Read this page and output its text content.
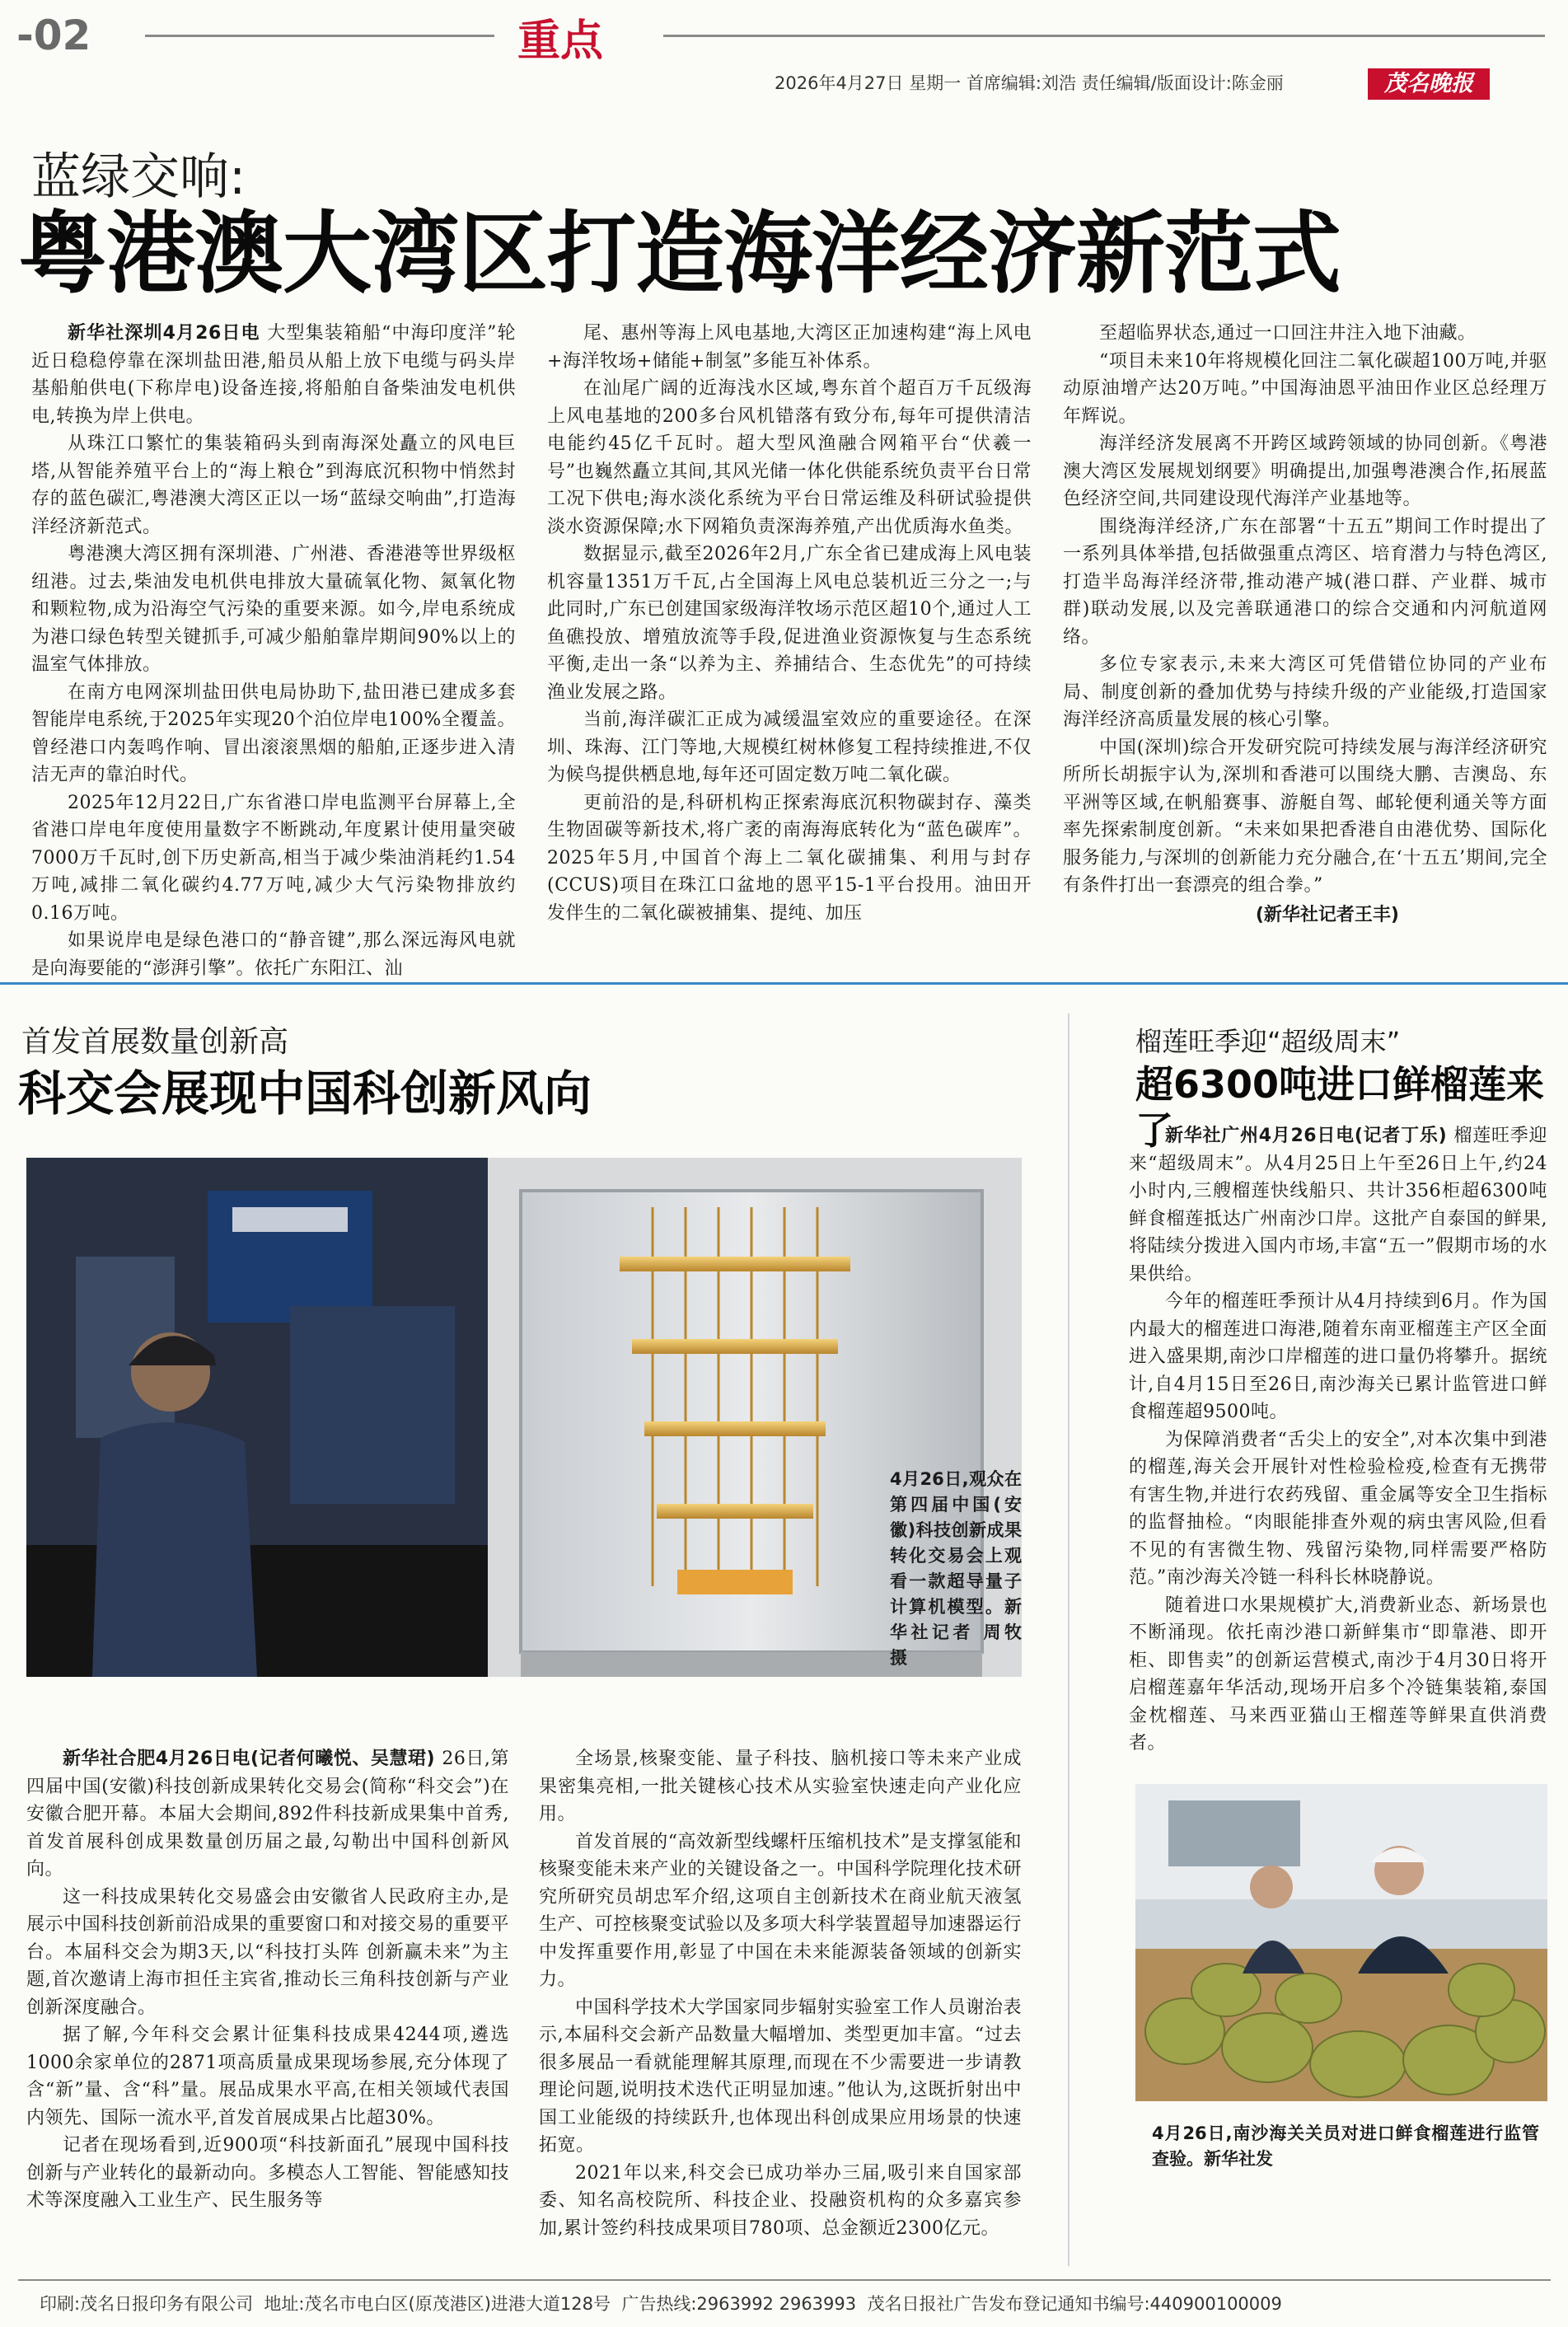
-02	重点
2026年4月27日 星期一 首席编辑:刘浩 责任编辑/版面设计:陈金丽	茂名晚报
蓝绿交响:
粤港澳大湾区打造海洋经济新范式

新华社深圳4月26日电 大型集装箱船“中海印度洋”轮近日稳稳停靠在深圳盐田港,船员从船上放下电缆与码头岸基船舶供电(下称岸电)设备连接,将船舶自备柴油发电机供电,转换为岸上供电。

从珠江口繁忙的集装箱码头到南海深处矗立的风电巨塔,从智能养殖平台上的“海上粮仓”到海底沉积物中悄然封存的蓝色碳汇,粤港澳大湾区正以一场“蓝绿交响曲”,打造海洋经济新范式。

粤港澳大湾区拥有深圳港、广州港、香港港等世界级枢纽港。过去,柴油发电机供电排放大量硫氧化物、氮氧化物和颗粒物,成为沿海空气污染的重要来源。如今,岸电系统成为港口绿色转型关键抓手,可减少船舶靠岸期间90%以上的温室气体排放。

在南方电网深圳盐田供电局协助下,盐田港已建成多套智能岸电系统,于2025年实现20个泊位岸电100%全覆盖。曾经港口内轰鸣作响、冒出滚滚黑烟的船舶,正逐步进入清洁无声的靠泊时代。

2025年12月22日,广东省港口岸电监测平台屏幕上,全省港口岸电年度使用量数字不断跳动,年度累计使用量突破7000万千瓦时,创下历史新高,相当于减少柴油消耗约1.54万吨,减排二氧化碳约4.77万吨,减少大气污染物排放约0.16万吨。

如果说岸电是绿色港口的“静音键”,那么深远海风电就是向海要能的“澎湃引擎”。依托广东阳江、汕

尾、惠州等海上风电基地,大湾区正加速构建“海上风电+海洋牧场+储能+制氢”多能互补体系。

在汕尾广阔的近海浅水区域,粤东首个超百万千瓦级海上风电基地的200多台风机错落有致分布,每年可提供清洁电能约45亿千瓦时。超大型风渔融合网箱平台“伏羲一号”也巍然矗立其间,其风光储一体化供能系统负责平台日常工况下供电;海水淡化系统为平台日常运维及科研试验提供淡水资源保障;水下网箱负责深海养殖,产出优质海水鱼类。

数据显示,截至2026年2月,广东全省已建成海上风电装机容量1351万千瓦,占全国海上风电总装机近三分之一;与此同时,广东已创建国家级海洋牧场示范区超10个,通过人工鱼礁投放、增殖放流等手段,促进渔业资源恢复与生态系统平衡,走出一条“以养为主、养捕结合、生态优先”的可持续渔业发展之路。

当前,海洋碳汇正成为减缓温室效应的重要途径。在深圳、珠海、江门等地,大规模红树林修复工程持续推进,不仅为候鸟提供栖息地,每年还可固定数万吨二氧化碳。

更前沿的是,科研机构正探索海底沉积物碳封存、藻类生物固碳等新技术,将广袤的南海海底转化为“蓝色碳库”。2025年5月,中国首个海上二氧化碳捕集、利用与封存(CCUS)项目在珠江口盆地的恩平15-1平台投用。油田开发伴生的二氧化碳被捕集、提纯、加压

至超临界状态,通过一口回注井注入地下油藏。

“项目未来10年将规模化回注二氧化碳超100万吨,并驱动原油增产达20万吨。”中国海油恩平油田作业区总经理万年辉说。

海洋经济发展离不开跨区域跨领域的协同创新。《粤港澳大湾区发展规划纲要》明确提出,加强粤港澳合作,拓展蓝色经济空间,共同建设现代海洋产业基地等。

围绕海洋经济,广东在部署“十五五”期间工作时提出了一系列具体举措,包括做强重点湾区、培育潜力与特色湾区,打造半岛海洋经济带,推动港产城(港口群、产业群、城市群)联动发展,以及完善联通港口的综合交通和内河航道网络。

多位专家表示,未来大湾区可凭借错位协同的产业布局、制度创新的叠加优势与持续升级的产业能级,打造国家海洋经济高质量发展的核心引擎。

中国(深圳)综合开发研究院可持续发展与海洋经济研究所所长胡振宇认为,深圳和香港可以围绕大鹏、吉澳岛、东平洲等区域,在帆船赛事、游艇自驾、邮轮便利通关等方面率先探索制度创新。“未来如果把香港自由港优势、国际化服务能力,与深圳的创新能力充分融合,在‘十五五’期间,完全有条件打出一套漂亮的组合拳。”

(新华社记者王丰)
首发首展数量创新高
科交会展现中国科创新风向
4月26日,观众在第四届中国(安徽)科技创新成果转化交易会上观看一款超导量子计算机模型。新华社记者 周牧 摄

新华社合肥4月26日电(记者何曦悦、吴慧珺) 26日,第四届中国(安徽)科技创新成果转化交易会(简称“科交会”)在安徽合肥开幕。本届大会期间,892件科技新成果集中首秀,首发首展科创成果数量创历届之最,勾勒出中国科创新风向。

这一科技成果转化交易盛会由安徽省人民政府主办,是展示中国科技创新前沿成果的重要窗口和对接交易的重要平台。本届科交会为期3天,以“科技打头阵 创新赢未来”为主题,首次邀请上海市担任主宾省,推动长三角科技创新与产业创新深度融合。

据了解,今年科交会累计征集科技成果4244项,遴选1000余家单位的2871项高质量成果现场参展,充分体现了含“新”量、含“科”量。展品成果水平高,在相关领域代表国内领先、国际一流水平,首发首展成果占比超30%。

记者在现场看到,近900项“科技新面孔”展现中国科技创新与产业转化的最新动向。多模态人工智能、智能感知技术等深度融入工业生产、民生服务等

全场景,核聚变能、量子科技、脑机接口等未来产业成果密集亮相,一批关键核心技术从实验室快速走向产业化应用。

首发首展的“高效新型线螺杆压缩机技术”是支撑氢能和核聚变能未来产业的关键设备之一。中国科学院理化技术研究所研究员胡忠军介绍,这项自主创新技术在商业航天液氢生产、可控核聚变试验以及多项大科学装置超导加速器运行中发挥重要作用,彰显了中国在未来能源装备领域的创新实力。

中国科学技术大学国家同步辐射实验室工作人员谢治表示,本届科交会新产品数量大幅增加、类型更加丰富。“过去很多展品一看就能理解其原理,而现在不少需要进一步请教理论问题,说明技术迭代正明显加速。”他认为,这既折射出中国工业能级的持续跃升,也体现出科创成果应用场景的快速拓宽。

2021年以来,科交会已成功举办三届,吸引来自国家部委、知名高校院所、科技企业、投融资机构的众多嘉宾参加,累计签约科技成果项目780项、总金额近2300亿元。

榴莲旺季迎“超级周末”
超6300吨进口鲜榴莲来了

新华社广州4月26日电(记者丁乐) 榴莲旺季迎来“超级周末”。从4月25日上午至26日上午,约24小时内,三艘榴莲快线船只、共计356柜超6300吨鲜食榴莲抵达广州南沙口岸。这批产自泰国的鲜果,将陆续分拨进入国内市场,丰富“五一”假期市场的水果供给。

今年的榴莲旺季预计从4月持续到6月。作为国内最大的榴莲进口海港,随着东南亚榴莲主产区全面进入盛果期,南沙口岸榴莲的进口量仍将攀升。据统计,自4月15日至26日,南沙海关已累计监管进口鲜食榴莲超9500吨。

为保障消费者“舌尖上的安全”,对本次集中到港的榴莲,海关会开展针对性检验检疫,检查有无携带有害生物,并进行农药残留、重金属等安全卫生指标的监督抽检。“肉眼能排查外观的病虫害风险,但看不见的有害微生物、残留污染物,同样需要严格防范。”南沙海关冷链一科科长林晓静说。

随着进口水果规模扩大,消费新业态、新场景也不断涌现。依托南沙港口新鲜集市“即靠港、即开柜、即售卖”的创新运营模式,南沙于4月30日将开启榴莲嘉年华活动,现场开启多个冷链集装箱,泰国金枕榴莲、马来西亚猫山王榴莲等鲜果直供消费者。

4月26日,南沙海关关员对进口鲜食榴莲进行监管查验。新华社发
印刷:茂名日报印务有限公司  地址:茂名市电白区(原茂港区)进港大道128号  广告热线:2963992 2963993  茂名日报社广告发布登记通知书编号:440900100009
